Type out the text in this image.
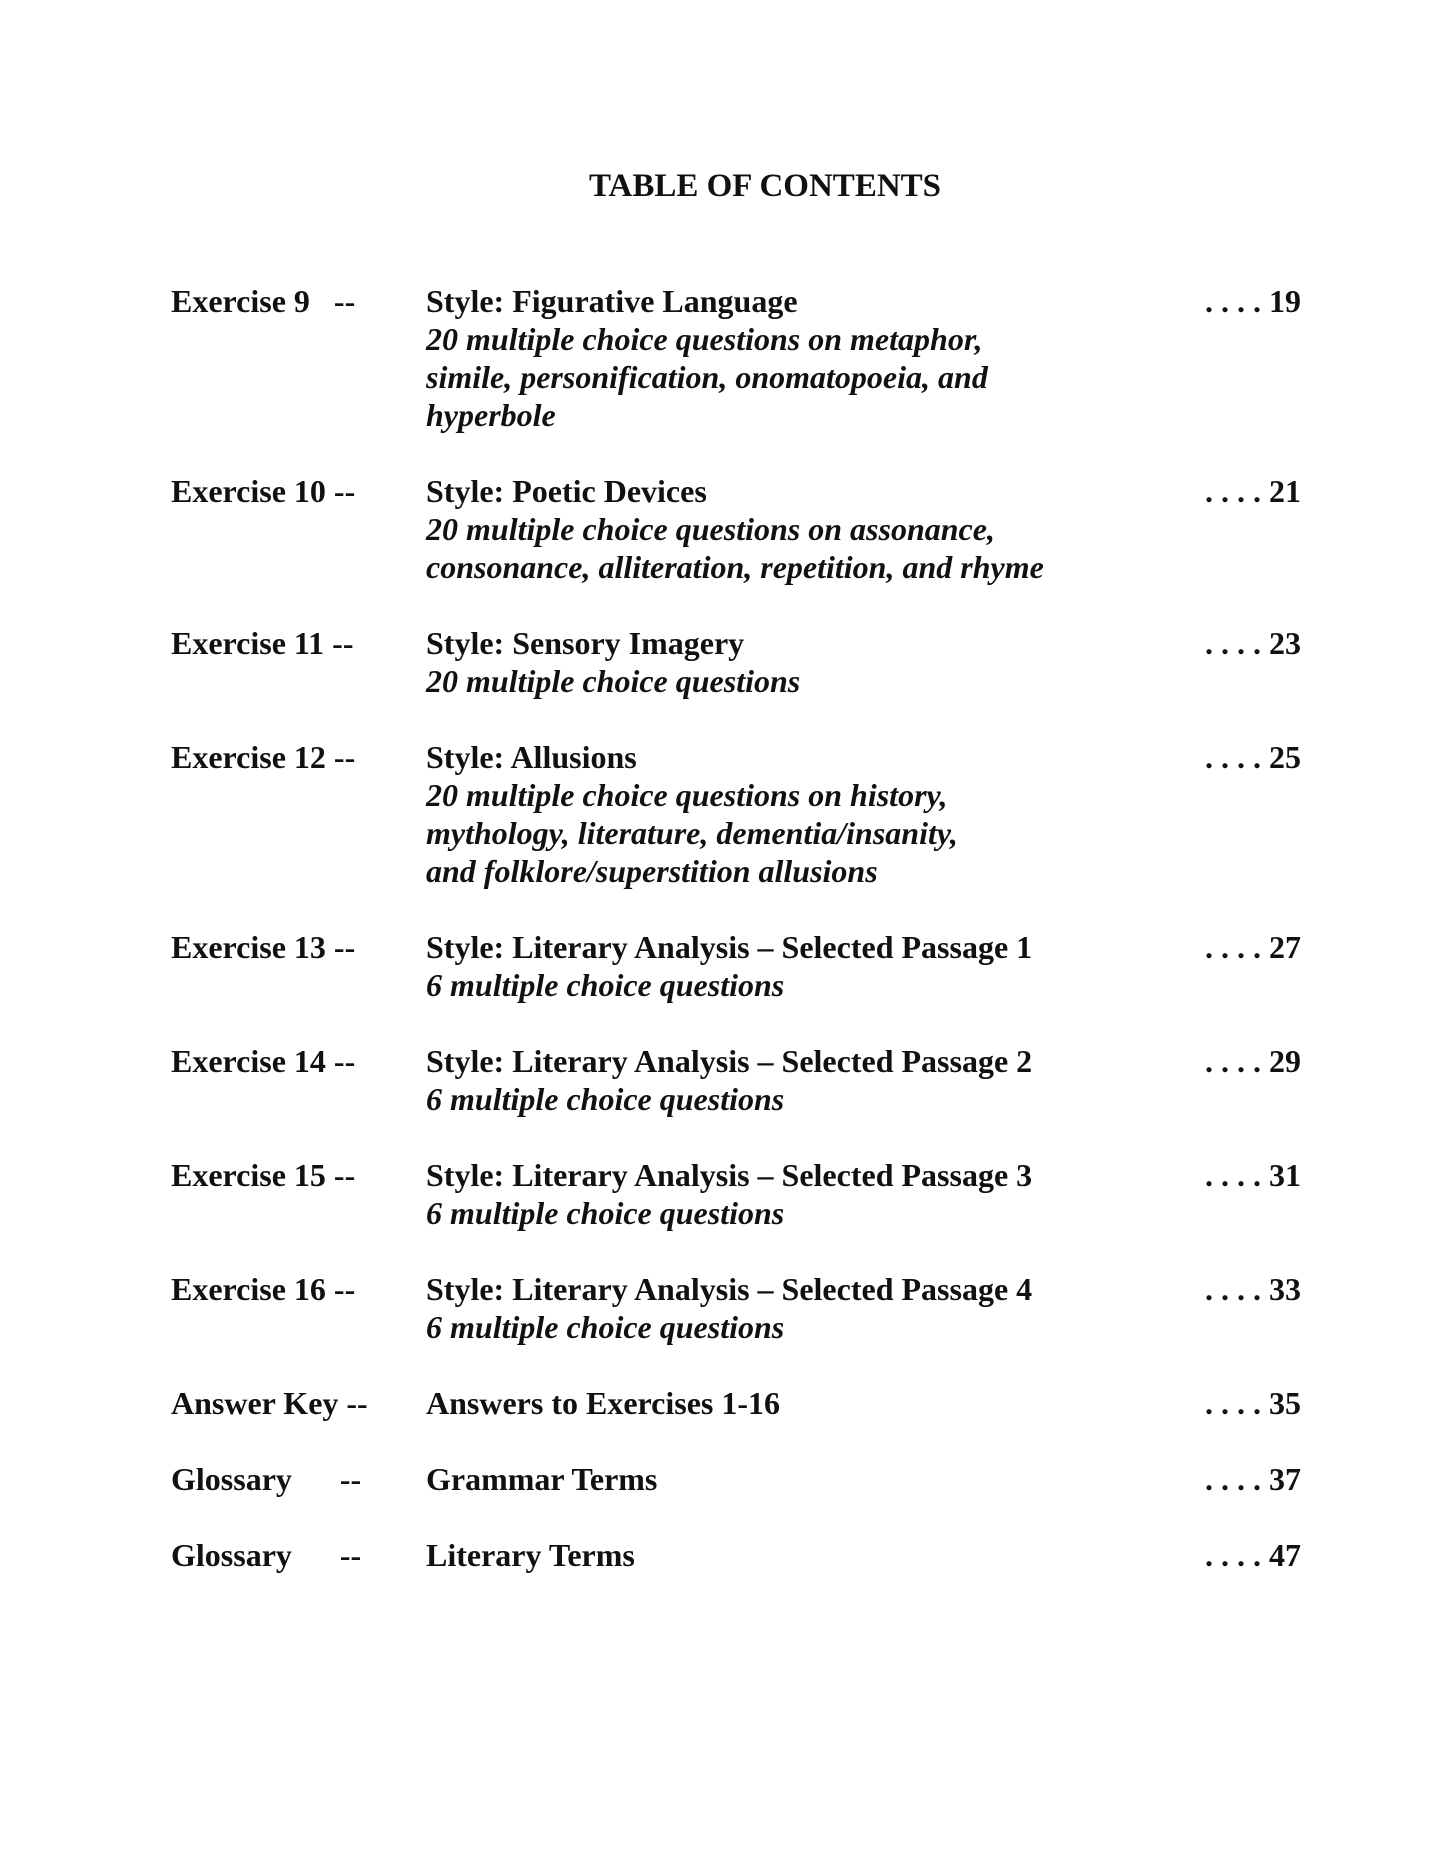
TABLE OF CONTENTS
Exercise 9   -- Style: Figurative Language
20 multiple choice questions on metaphor,
simile, personification, onomatopoeia, and
hyperbole
. . . . 19
Exercise 10 -- Style: Poetic Devices
20 multiple choice questions on assonance,
consonance, alliteration, repetition, and rhyme
. . . . 21
Exercise 11 -- Style: Sensory Imagery
20 multiple choice questions
. . . . 23
Exercise 12 -- Style: Allusions
20 multiple choice questions on history,
mythology, literature, dementia/insanity,
and folklore/superstition allusions
. . . . 25
Exercise 13 -- Style: Literary Analysis – Selected Passage 1
6 multiple choice questions
. . . . 27
Exercise 14 -- Style: Literary Analysis – Selected Passage 2
6 multiple choice questions
. . . . 29
Exercise 15 -- Style: Literary Analysis – Selected Passage 3
6 multiple choice questions
. . . . 31
Exercise 16 -- Style: Literary Analysis – Selected Passage 4
6 multiple choice questions
. . . . 33
Answer Key -- Answers to Exercises 1-16	. . . . 35
Glossary      -- Grammar Terms	. . . . 37
Glossary      -- Literary Terms	. . . . 47
